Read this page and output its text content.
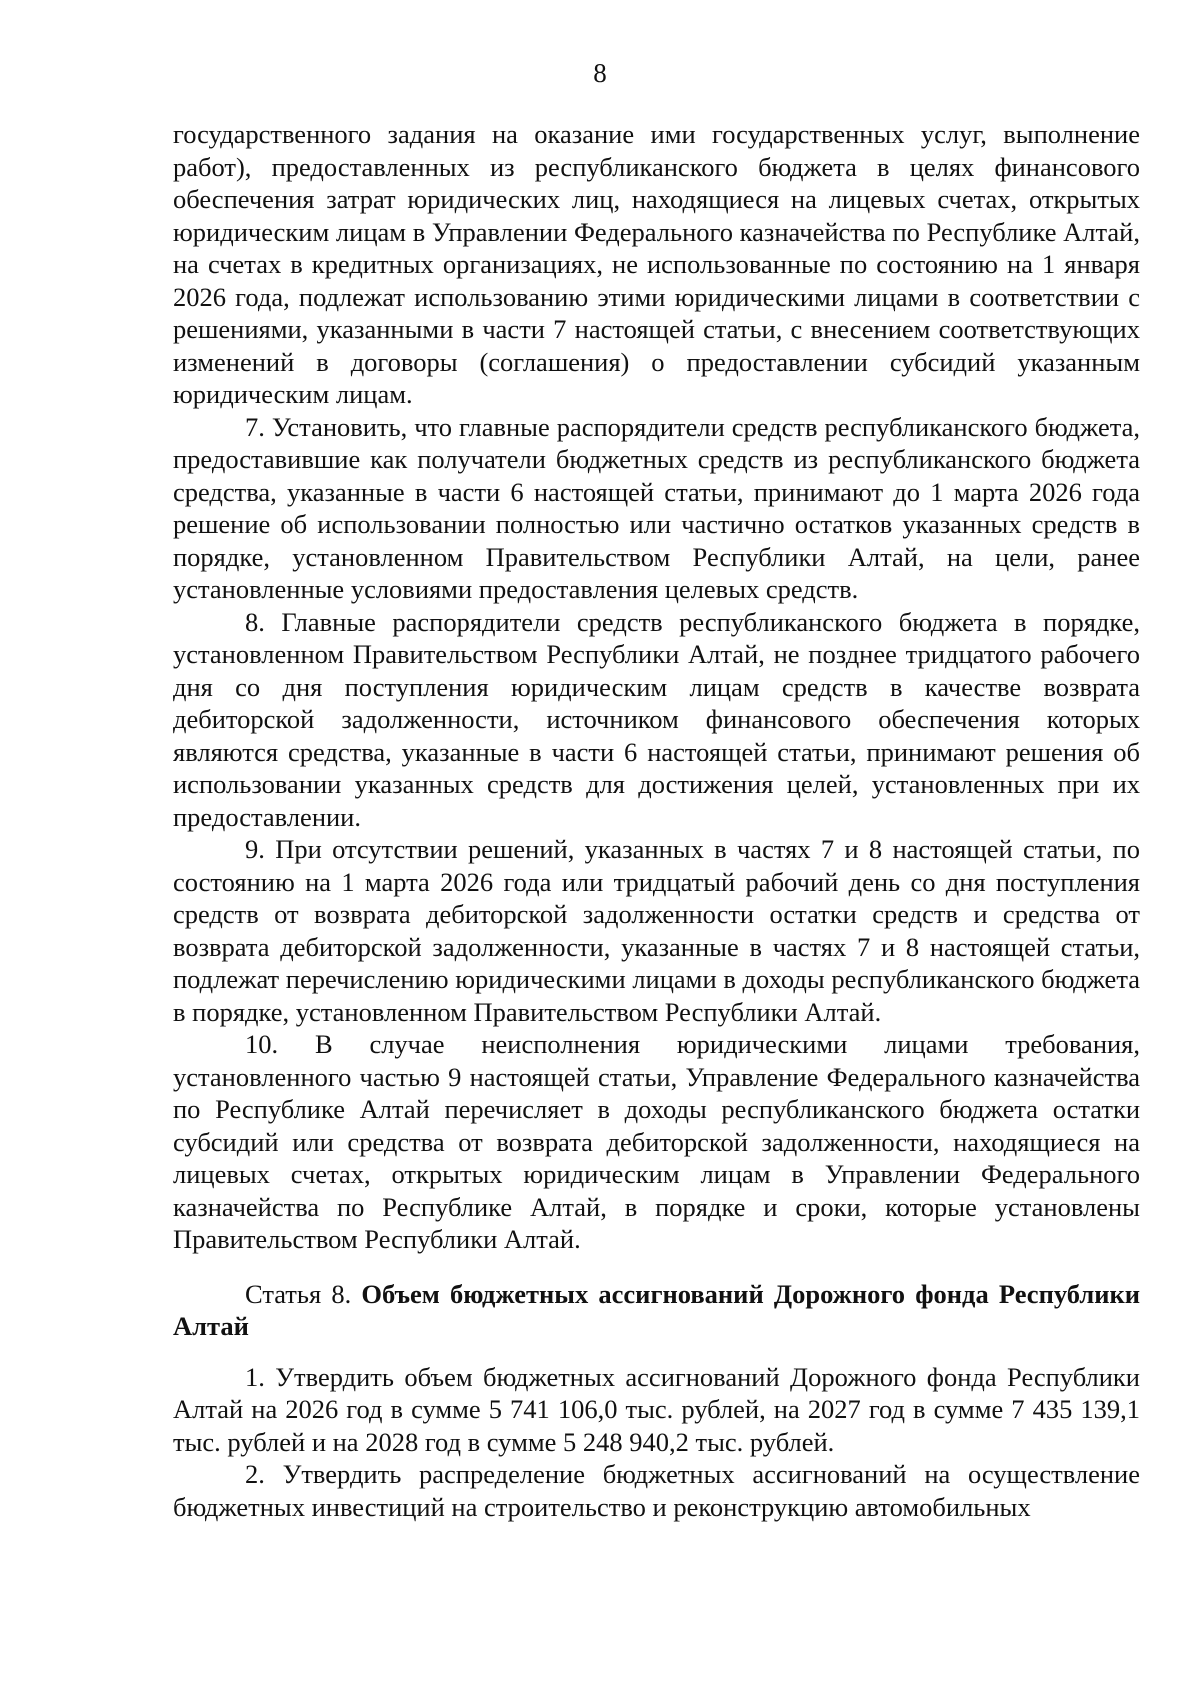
8

государственного задания на оказание ими государственных услуг, выполнение работ), предоставленных из республиканского бюджета в целях финансового обеспечения затрат юридических лиц, находящиеся на лицевых счетах, открытых юридическим лицам в Управлении Федерального казначейства по Республике Алтай, на счетах в кредитных организациях, не использованные по состоянию на 1 января 2026 года, подлежат использованию этими юридическими лицами в соответствии с решениями, указанными в части 7 настоящей статьи, с внесением соответствующих изменений в договоры (соглашения) о предоставлении субсидий указанным юридическим лицам.

7. Установить, что главные распорядители средств республиканского бюджета, предоставившие как получатели бюджетных средств из республиканского бюджета средства, указанные в части 6 настоящей статьи, принимают до 1 марта 2026 года решение об использовании полностью или частично остатков указанных средств в порядке, установленном Правительством Республики Алтай, на цели, ранее установленные условиями предоставления целевых средств.

8. Главные распорядители средств республиканского бюджета в порядке, установленном Правительством Республики Алтай, не позднее тридцатого рабочего дня со дня поступления юридическим лицам средств в качестве возврата дебиторской задолженности, источником финансового обеспечения которых являются средства, указанные в части 6 настоящей статьи, принимают решения об использовании указанных средств для достижения целей, установленных при их предоставлении.

9. При отсутствии решений, указанных в частях 7 и 8 настоящей статьи, по состоянию на 1 марта 2026 года или тридцатый рабочий день со дня поступления средств от возврата дебиторской задолженности остатки средств и средства от возврата дебиторской задолженности, указанные в частях 7 и 8 настоящей статьи, подлежат перечислению юридическими лицами в доходы республиканского бюджета в порядке, установленном Правительством Республики Алтай.

10. В случае неисполнения юридическими лицами требования, установленного частью 9 настоящей статьи, Управление Федерального казначейства по Республике Алтай перечисляет в доходы республиканского бюджета остатки субсидий или средства от возврата дебиторской задолженности, находящиеся на лицевых счетах, открытых юридическим лицам в Управлении Федерального казначейства по Республике Алтай, в порядке и сроки, которые установлены Правительством Республики Алтай.

Статья 8. Объем бюджетных ассигнований Дорожного фонда Республики Алтай

1. Утвердить объем бюджетных ассигнований Дорожного фонда Республики Алтай на 2026 год в сумме 5 741 106,0 тыс. рублей, на 2027 год в сумме 7 435 139,1 тыс. рублей и на 2028 год в сумме 5 248 940,2 тыс. рублей.

2. Утвердить распределение бюджетных ассигнований на осуществление бюджетных инвестиций на строительство и реконструкцию автомобильных
